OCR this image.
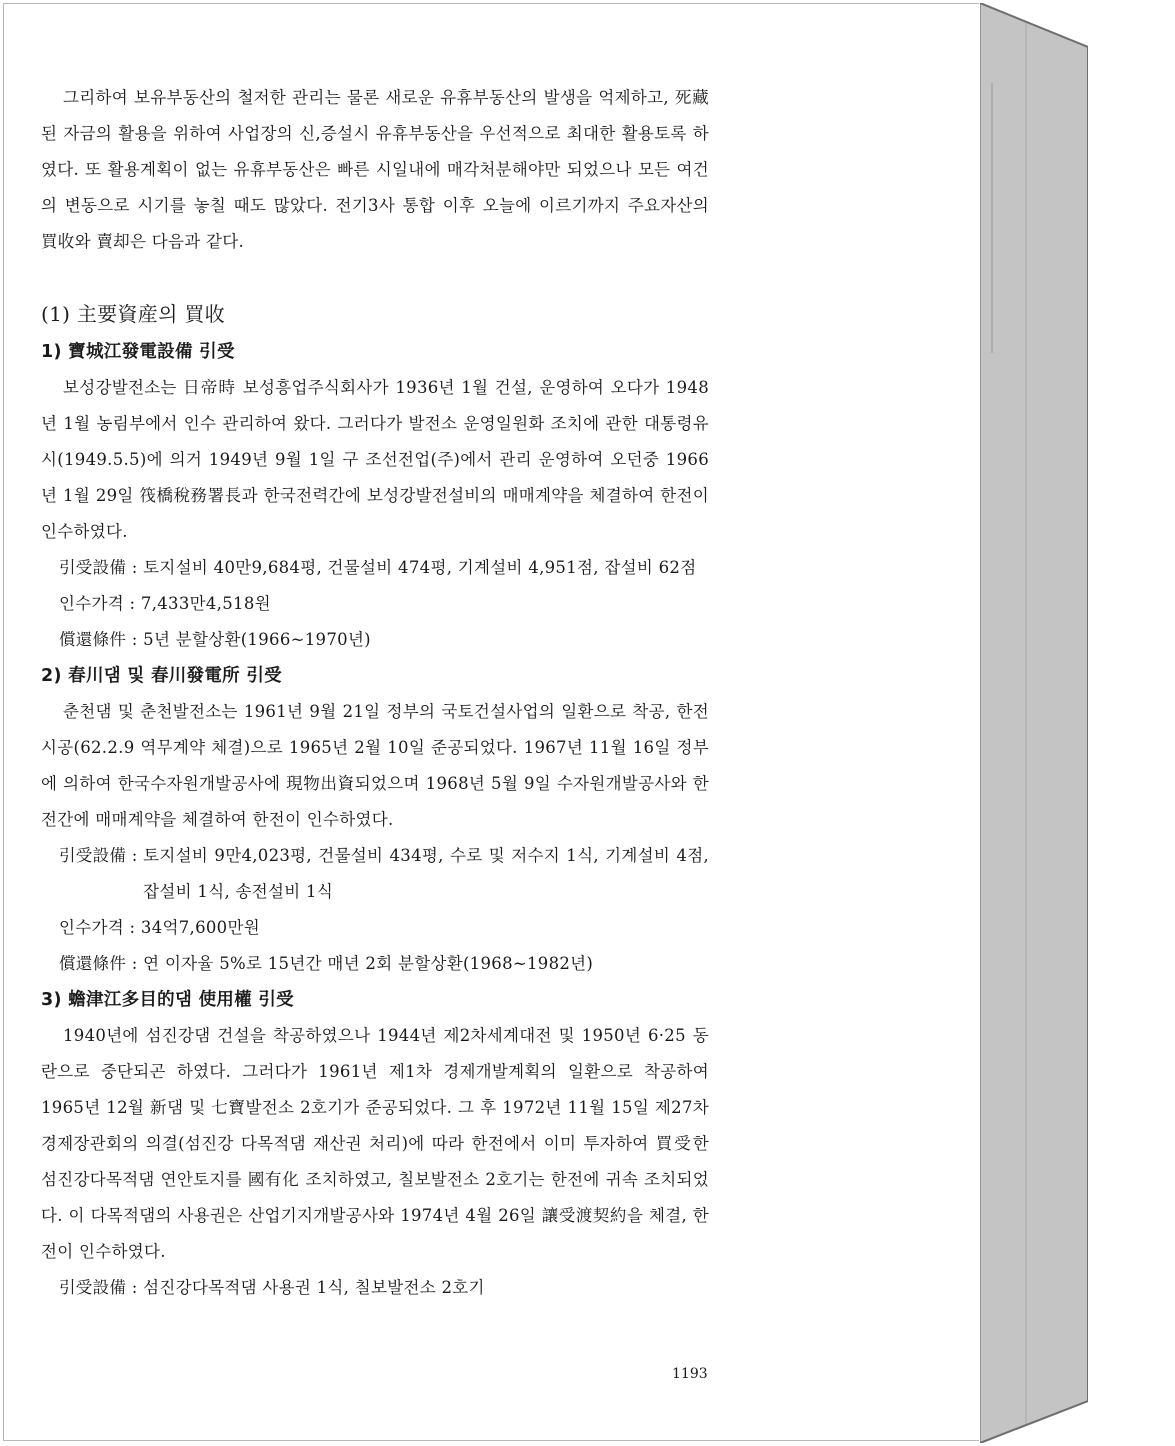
그리하여 보유부동산의 철저한 관리는 물론 새로운 유휴부동산의 발생을 억제하고, 死藏된 자금의 활용을 위하여 사업장의 신,증설시 유휴부동산을 우선적으로 최대한 활용토록 하였다. 또 활용계획이 없는 유휴부동산은 빠른 시일내에 매각처분해야만 되었으나 모든 여건의 변동으로 시기를 놓칠 때도 많았다. 전기3사 통합 이후 오늘에 이르기까지 주요자산의 買收와 賣却은 다음과 같다.

(1) 主要資産의 買收
1) 寶城江發電設備 引受

보성강발전소는 日帝時 보성흥업주식회사가 1936년 1월 건설, 운영하여 오다가 1948년 1월 농림부에서 인수 관리하여 왔다. 그러다가 발전소 운영일원화 조치에 관한 대통령유시(1949.5.5)에 의거 1949년 9월 1일 구 조선전업(주)에서 관리 운영하여 오던중 1966년 1월 29일 筏橋稅務署長과 한국전력간에 보성강발전설비의 매매계약을 체결하여 한전이 인수하였다.

引受設備 : 토지설비 40만9,684평, 건물설비 474평, 기계설비 4,951점, 잡설비 62점
인수가격 : 7,433만4,518원
償還條件 : 5년 분할상환(1966~1970년)
2) 春川댐 및 春川發電所 引受

춘천댐 및 춘천발전소는 1961년 9월 21일 정부의 국토건설사업의 일환으로 착공, 한전 시공(62.2.9 역무계약 체결)으로 1965년 2월 10일 준공되었다. 1967년 11월 16일 정부에 의하여 한국수자원개발공사에 現物出資되었으며 1968년 5월 9일 수자원개발공사와 한전간에 매매계약을 체결하여 한전이 인수하였다.

引受設備 : 토지설비 9만4,023평, 건물설비 434평, 수로 및 저수지 1식, 기계설비 4점, 잡설비 1식, 송전설비 1식
인수가격 : 34억7,600만원
償還條件 : 연 이자율 5%로 15년간 매년 2회 분할상환(1968~1982년)
3) 蟾津江多目的댐 使用權 引受

1940년에 섬진강댐 건설을 착공하였으나 1944년 제2차세계대전 및 1950년 6·25 동란으로 중단되곤 하였다. 그러다가 1961년 제1차 경제개발계획의 일환으로 착공하여 1965년 12월 新댐 및 七寶발전소 2호기가 준공되었다. 그 후 1972년 11월 15일 제27차 경제장관회의 의결(섬진강 다목적댐 재산권 처리)에 따라 한전에서 이미 투자하여 買受한 섬진강다목적댐 연안토지를 國有化 조치하였고, 칠보발전소 2호기는 한전에 귀속 조치되었다. 이 다목적댐의 사용권은 산업기지개발공사와 1974년 4월 26일 讓受渡契約을 체결, 한전이 인수하였다.

引受設備 : 섬진강다목적댐 사용권 1식, 칠보발전소 2호기
1193
